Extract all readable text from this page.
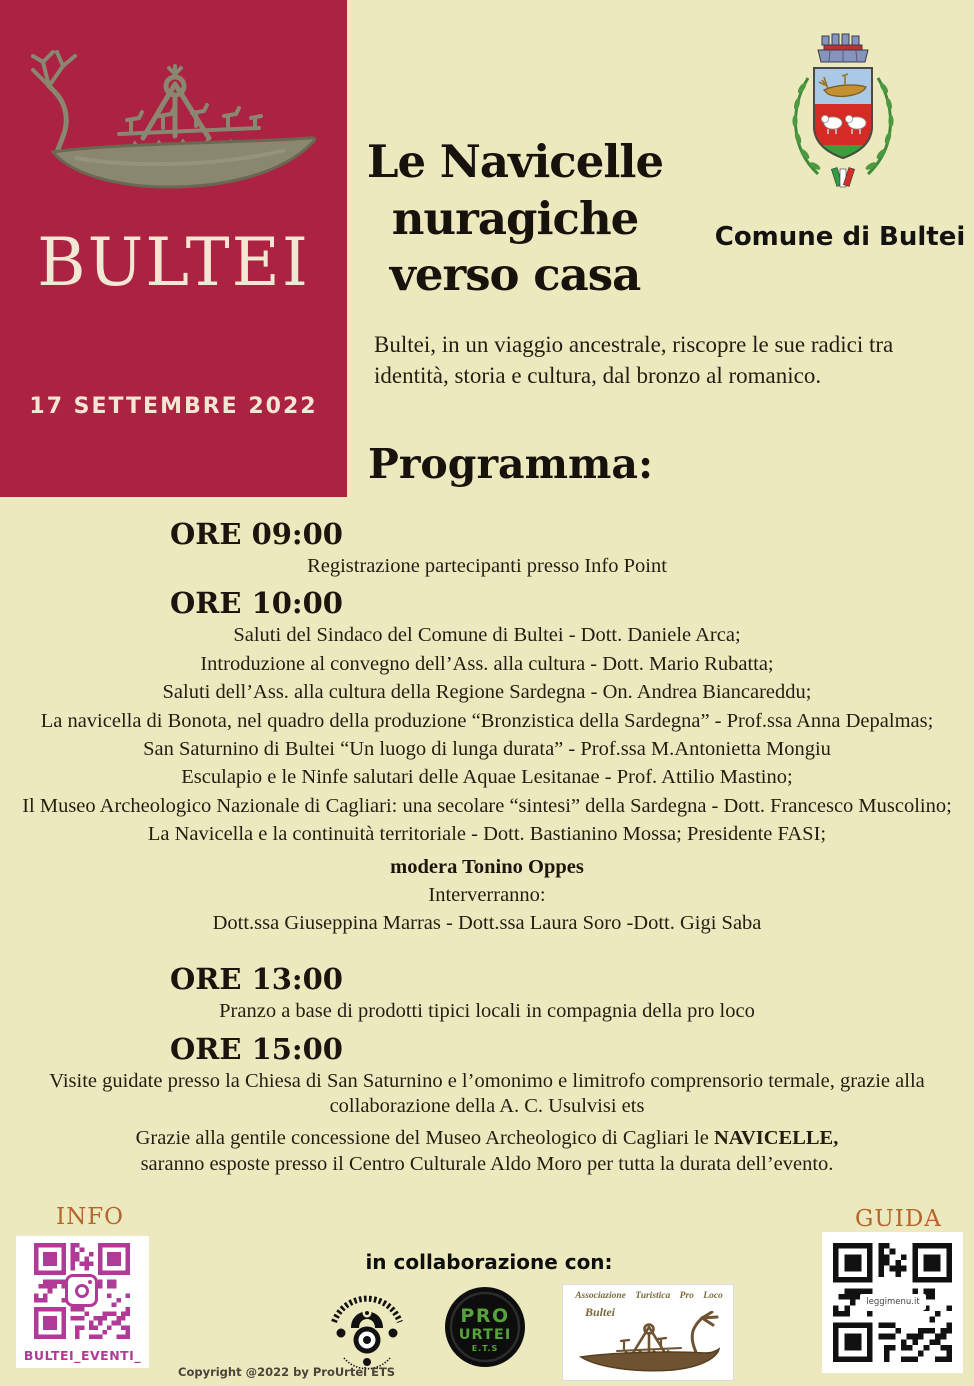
BULTEI
17 SETTEMBRE 2022
Comune di Bultei
Le Navicelle
nuragiche
verso casa
Bultei, in un viaggio ancestrale, riscopre le sue radici tra identità, storia e cultura, dal bronzo al romanico.
Programma:
ORE 09:00
Registrazione partecipanti presso Info Point
ORE 10:00
Saluti del Sindaco del Comune di Bultei - Dott. Daniele Arca;
Introduzione al convegno dell’Ass. alla cultura - Dott. Mario Rubatta;
Saluti dell’Ass. alla cultura della Regione Sardegna - On. Andrea Biancareddu;
La navicella di Bonota, nel quadro della produzione “Bronzistica della Sardegna” - Prof.ssa Anna Depalmas;
San Saturnino di Bultei “Un luogo di lunga durata” - Prof.ssa M.Antonietta Mongiu
Esculapio e le Ninfe salutari delle Aquae Lesitanae - Prof. Attilio Mastino;
Il Museo Archeologico Nazionale di Cagliari: una secolare “sintesi” della Sardegna - Dott. Francesco Muscolino;
La Navicella e la continuità territoriale - Dott. Bastianino Mossa; Presidente FASI;
modera Tonino Oppes
Interverranno:
Dott.ssa Giuseppina Marras - Dott.ssa Laura Soro -Dott. Gigi Saba
ORE 13:00
Pranzo a base di prodotti tipici locali in compagnia della pro loco
ORE 15:00
Visite guidate presso la Chiesa di San Saturnino e l’omonimo e limitrofo comprensorio termale, grazie alla collaborazione della A. C. Usulvisi ets
Grazie alla gentile concessione del Museo Archeologico di Cagliari le NAVICELLE, saranno esposte presso il Centro Culturale Aldo Moro per tutta la durata dell’evento.
INFO
BULTEI_EVENTI_
in collaborazione con:
PRO
URTEI
E.T.S
Associazione Turistica Pro Loco
Bultei
GUIDA
leggimenu.it
Copyright @2022 by ProUrtei ETS
